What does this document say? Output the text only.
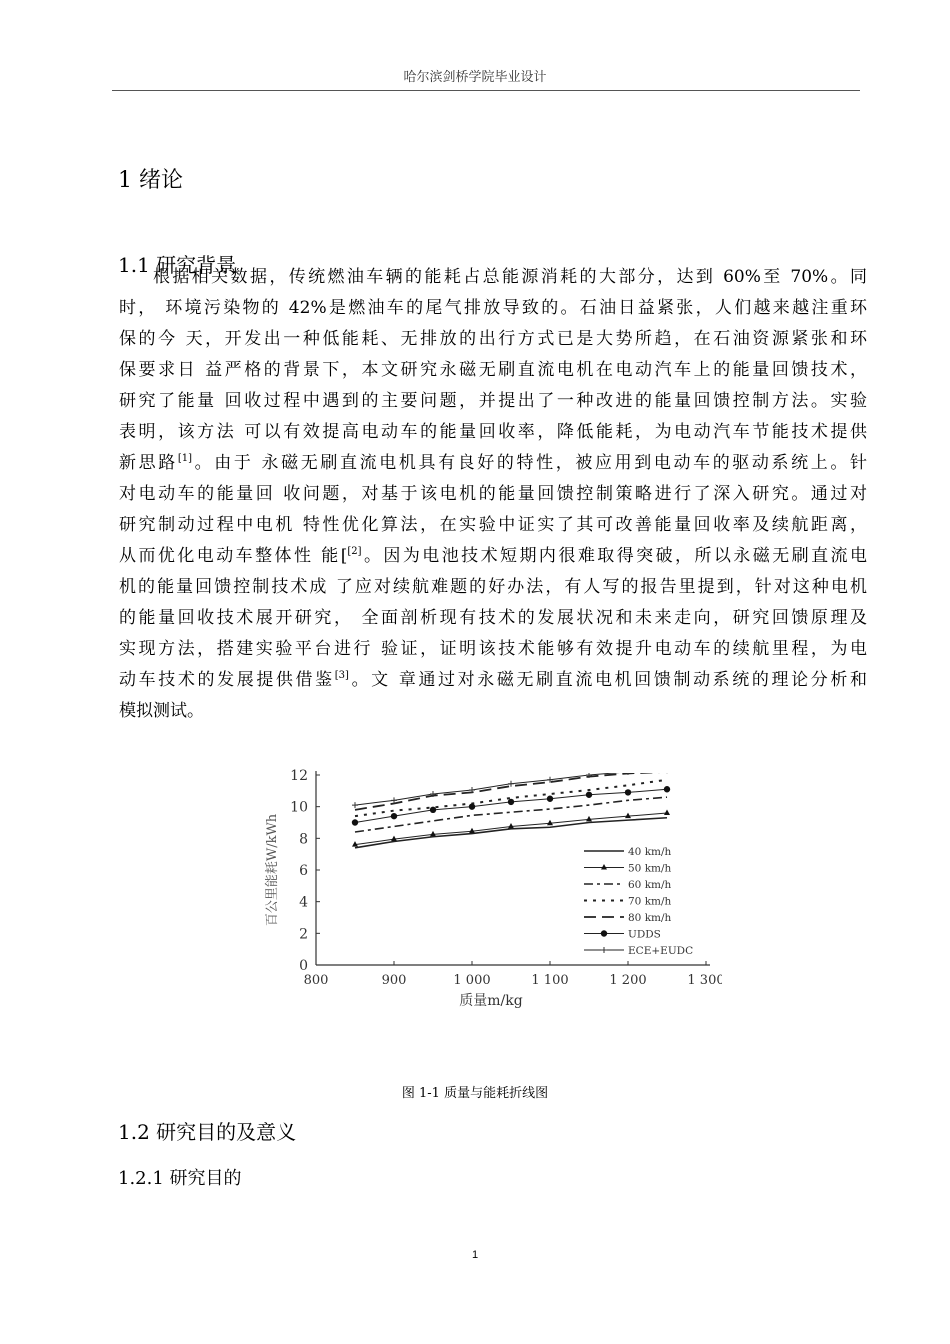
哈尔滨剑桥学院毕业设计
1 绪论
1.1 研究背景
根据相关数据，传统燃油车辆的能耗占总能源消耗的大部分，达到 60%至 70%。同
时， 环境污染物的 42%是燃油车的尾气排放导致的。石油日益紧张，人们越来越注重环
保的今 天，开发出一种低能耗、无排放的出行方式已是大势所趋，在石油资源紧张和环
保要求日 益严格的背景下，本文研究永磁无刷直流电机在电动汽车上的能量回馈技术，
研究了能量 回收过程中遇到的主要问题，并提出了一种改进的能量回馈控制方法。实验
表明，该方法 可以有效提高电动车的能量回收率，降低能耗，为电动汽车节能技术提供
新思路[1]。由于 永磁无刷直流电机具有良好的特性，被应用到电动车的驱动系统上。针
对电动车的能量回 收问题，对基于该电机的能量回馈控制策略进行了深入研究。通过对
研究制动过程中电机 特性优化算法，在实验中证实了其可改善能量回收率及续航距离，
从而优化电动车整体性 能[[2]。因为电池技术短期内很难取得突破，所以永磁无刷直流电
机的能量回馈控制技术成 了应对续航难题的好办法，有人写的报告里提到，针对这种电机
的能量回收技术展开研究， 全面剖析现有技术的发展状况和未来走向，研究回馈原理及
实现方法，搭建实验平台进行 验证，证明该技术能够有效提升电动车的续航里程，为电
动车技术的发展提供借鉴[3]。文 章通过对永磁无刷直流电机回馈制动系统的理论分析和
模拟测试。
0
2
4
6
8
10
12
800	900	1 000	1 100	1 200	1 300
质量m/kg
百公里能耗W/kWh	40 km/h
50 km/h
60 km/h
70 km/h
80 km/h
UDDS
ECE+EUDC
图 1-1 质量与能耗折线图
1.2 研究目的及意义
1.2.1 研究目的
1
